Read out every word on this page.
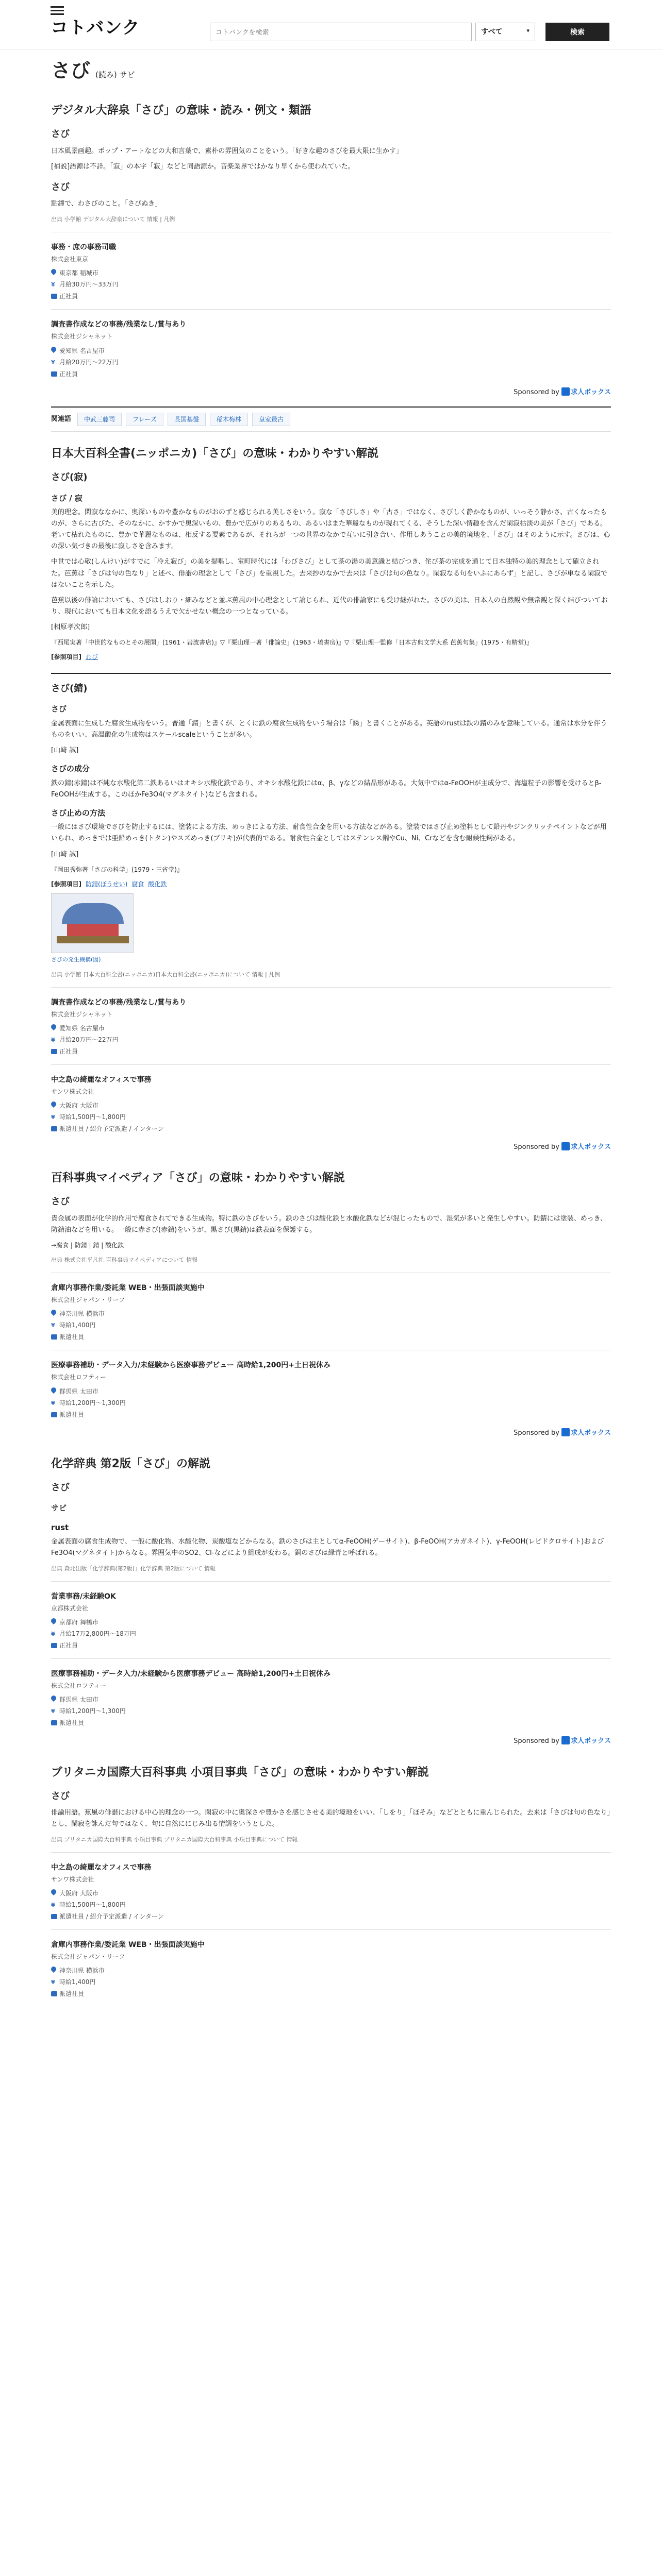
コトバンク
コトバンクを検索	すべて	▾	検索
さび (読み) サビ
デジタル大辞泉「さび」の意味・読み・例文・類語
さび

日本風景画趣。ポップ・アートなどの大和言葉で、素朴の雰囲気のことをいう。「好きな趣のさびを最大限に生かす」

[補説]語源は不詳。「寂」の本字「寂」などと同語源か。音楽業界ではかなり早くから使われていた。

さび

點鐘で、わさびのこと。「さびぬき」

出典 小学館 デジタル大辞泉について 情報 | 凡例
事務・庶の事務司職
株式会社東京
東京都 稲城市
¥ 月給30万円〜33万円
正社員
調査書作成などの事務/残業なし/賞与あり
株式会社ジシャネット
愛知県 名古屋市
¥ 月給20万円〜22万円
正社員
Sponsored by 求人ボックス
関連語	中武三藤司	フレーズ	長国基盤	稲木梅林	皇室最古
日本大百科全書(ニッポニカ)「さび」の意味・わかりやすい解説
さび(寂)
さび / 寂

美的理念。閑寂ななかに、奥深いものや豊かなものがおのずと感じられる美しさをいう。寂な「さびしさ」や「古さ」ではなく、さびしく静かなものが、いっそう静かさ、古くなったものが、さらに古びた、そのなかに、かすかで奥深いもの、豊かで広がりのあるもの、あるいはまた華麗なものが現れてくる、そうした深い情趣を含んだ閑寂枯淡の美が「さび」である。老いて枯れたものに、豊かで華麗なものは、相反する要素であるが、それらが一つの世界のなかで互いに引き合い、作用しあうことの美的境地を、「さび」はそのように示す。さびは、心の深い気づきの最後に寂しさを含みます。

中世では心敬(しんけい)がすでに「冷え寂び」の美を提唱し、室町時代には「わびさび」として茶の湯の美意識と結びつき、侘び茶の完成を通じて日本独特の美的理念として確立された。芭蕉は「さびは句の色なり」と述べ、俳諧の理念として「さび」を重視した。去来抄のなかで去来は「さびは句の色なり。閑寂なる句をいふにあらず」と記し、さびが単なる閑寂ではないことを示した。

芭蕉以後の俳論においても、さびはしおり・細みなどと並ぶ蕉風の中心理念として論じられ、近代の俳論家にも受け継がれた。さびの美は、日本人の自然観や無常観と深く結びついており、現代においても日本文化を語るうえで欠かせない概念の一つとなっている。

[相原孝次郎]

『西尾実著「中世的なものとその展開」(1961・岩波書店)』▽『栗山理一著「俳論史」(1963・塙書房)』▽『栗山理一監修「日本古典文学大系 芭蕉句集」(1975・有精堂)』

[参照項目] わび
さび(錆)
さび

金属表面に生成した腐食生成物をいう。普通「錆」と書くが、とくに鉄の腐食生成物をいう場合は「銹」と書くことがある。英語のrustは鉄の錆のみを意味している。通常は水分を伴うものをいい、高温酸化の生成物はスケールscaleということが多い。

[山﨑 誠]

さびの成分

鉄の錆(赤錆)は不純な水酸化第二鉄あるいはオキシ水酸化鉄であり、オキシ水酸化鉄にはα、β、γなどの結晶形がある。大気中ではα-FeOOHが主成分で、海塩粒子の影響を受けるとβ-FeOOHが生成する。このほかFe3O4(マグネタイト)なども含まれる。

さび止めの方法

一般にはさび環境でさびを防止するには、塗装による方法、めっきによる方法、耐食性合金を用いる方法などがある。塗装ではさび止め塗料として鉛丹やジンクリッチペイントなどが用いられ、めっきでは亜鉛めっき(トタン)やスズめっき(ブリキ)が代表的である。耐食性合金としてはステンレス鋼やCu、Ni、Crなどを含む耐候性鋼がある。

[山﨑 誠]

『岡田秀弥著「さびの科学」(1979・三省堂)』

[参照項目] 防錆(ぼうせい) 腐食 酸化鉄
さびの発生機構(図)
出典 小学館 日本大百科全書(ニッポニカ)日本大百科全書(ニッポニカ)について 情報 | 凡例
調査書作成などの事務/残業なし/賞与あり
株式会社ジシャネット
愛知県 名古屋市
¥ 月給20万円〜22万円
正社員
中之島の綺麗なオフィスで事務
サンワ株式会社
大阪府 大阪市
¥ 時給1,500円〜1,800円
派遣社員 / 紹介予定派遣 / インターン
Sponsored by 求人ボックス
百科事典マイペディア「さび」の意味・わかりやすい解説
さび

貴金属の表面が化学的作用で腐食されてできる生成物。特に鉄のさびをいう。鉄のさびは酸化鉄と水酸化鉄などが混じったもので、湿気が多いと発生しやすい。防錆には塗装、めっき、防錆油などを用いる。一般に赤さび(赤錆)をいうが、黒さび(黒錆)は鉄表面を保護する。

→腐食 | 防錆 | 錆 | 酸化鉄

出典 株式会社平凡社 百科事典マイペディアについて 情報
倉庫内事務作業/委託業 WEB・出張面談実施中
株式会社ジャパン・リーフ
神奈川県 横浜市
¥ 時給1,400円
派遣社員
医療事務補助・データ入力/未経験から医療事務デビュー 高時給1,200円+土日祝休み
株式会社ロフティー
群馬県 太田市
¥ 時給1,200円〜1,300円
派遣社員
Sponsored by 求人ボックス
化学辞典 第2版「さび」の解説
さび
サビ
rust

金属表面の腐食生成物で、一般に酸化物、水酸化物、炭酸塩などからなる。鉄のさびは主としてα-FeOOH(ゲーサイト)、β-FeOOH(アカガネイト)、γ-FeOOH(レピドクロサイト)およびFe3O4(マグネタイト)からなる。雰囲気中のSO2、Cl-などにより組成が変わる。銅のさびは緑青と呼ばれる。

出典 森北出版「化学辞典(第2版)」化学辞典 第2版について 情報
営業事務/未経験OK
京都株式会社
京都府 舞鶴市
¥ 月給17万2,800円〜18万円
正社員
医療事務補助・データ入力/未経験から医療事務デビュー 高時給1,200円+土日祝休み
株式会社ロフティー
群馬県 太田市
¥ 時給1,200円〜1,300円
派遣社員
Sponsored by 求人ボックス
ブリタニカ国際大百科事典 小項目事典「さび」の意味・わかりやすい解説
さび

俳論用語。蕉風の俳諧における中心的理念の一つ。閑寂の中に奥深さや豊かさを感じさせる美的境地をいい、「しをり」「ほそみ」などとともに重んじられた。去来は「さびは句の色なり」とし、閑寂を詠んだ句ではなく、句に自然ににじみ出る情調をいうとした。

出典 ブリタニカ国際大百科事典 小項目事典 ブリタニカ国際大百科事典 小項目事典について 情報
中之島の綺麗なオフィスで事務
サンワ株式会社
大阪府 大阪市
¥ 時給1,500円〜1,800円
派遣社員 / 紹介予定派遣 / インターン
倉庫内事務作業/委託業 WEB・出張面談実施中
株式会社ジャパン・リーフ
神奈川県 横浜市
¥ 時給1,400円
派遣社員
